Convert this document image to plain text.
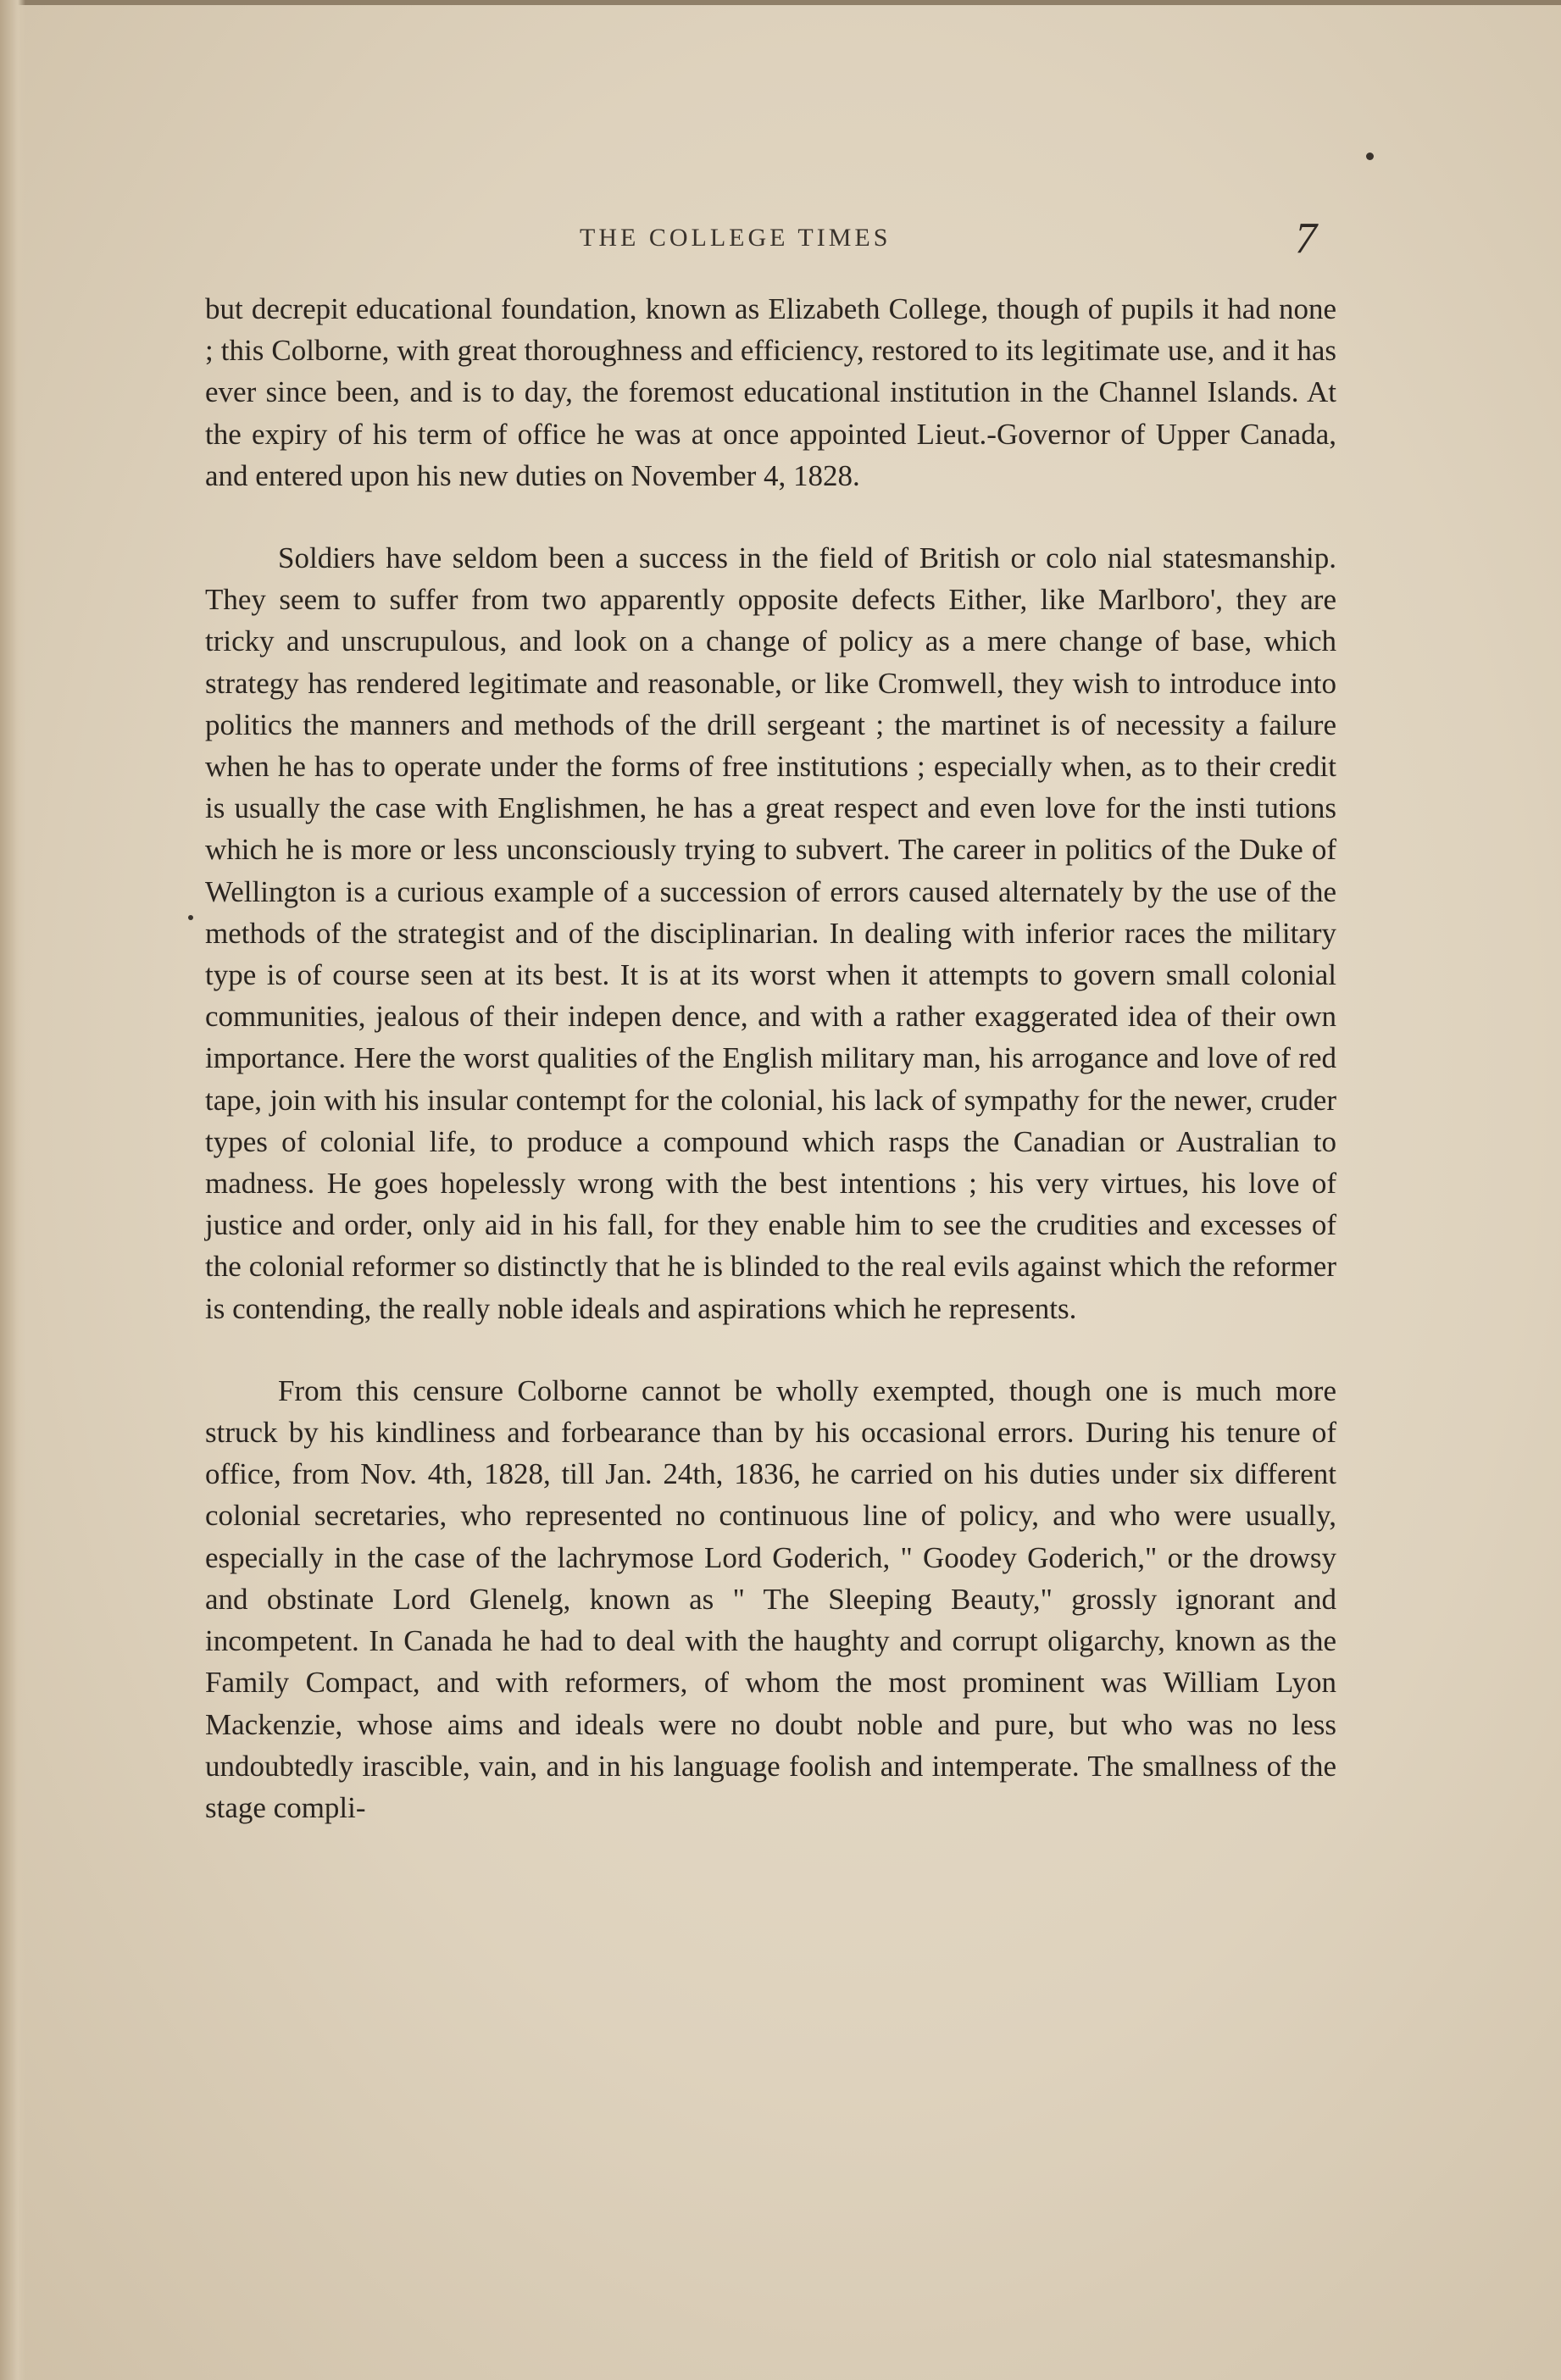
THE COLLEGE TIMES	7

but decrepit educational foundation, known as Elizabeth College, though of pupils it had none ; this Colborne, with great thoroughness and efficiency, restored to its legitimate use, and it has ever since been, and is to day, the foremost educational institution in the Channel Islands. At the expiry of his term of office he was at once appointed Lieut.-Governor of Upper Canada, and entered upon his new duties on November 4, 1828.

Soldiers have seldom been a success in the field of British or colo nial statesmanship. They seem to suffer from two apparently opposite defects Either, like Marlboro', they are tricky and unscrupulous, and look on a change of policy as a mere change of base, which strategy has rendered legitimate and reasonable, or like Cromwell, they wish to introduce into politics the manners and methods of the drill sergeant ; the martinet is of necessity a failure when he has to operate under the forms of free institutions ; especially when, as to their credit is usually the case with Englishmen, he has a great respect and even love for the insti tutions which he is more or less unconsciously trying to subvert. The career in politics of the Duke of Wellington is a curious example of a succession of errors caused alternately by the use of the methods of the strategist and of the disciplinarian. In dealing with inferior races the military type is of course seen at its best. It is at its worst when it attempts to govern small colonial communities, jealous of their indepen dence, and with a rather exaggerated idea of their own importance. Here the worst qualities of the English military man, his arrogance and love of red tape, join with his insular contempt for the colonial, his lack of sympathy for the newer, cruder types of colonial life, to produce a compound which rasps the Canadian or Australian to madness. He goes hopelessly wrong with the best intentions ; his very virtues, his love of justice and order, only aid in his fall, for they enable him to see the crudities and excesses of the colonial reformer so distinctly that he is blinded to the real evils against which the reformer is contending, the really noble ideals and aspirations which he represents.

From this censure Colborne cannot be wholly exempted, though one is much more struck by his kindliness and forbearance than by his occasional errors. During his tenure of office, from Nov. 4th, 1828, till Jan. 24th, 1836, he carried on his duties under six different colonial secretaries, who represented no continuous line of policy, and who were usually, especially in the case of the lachrymose Lord Goderich, " Goodey Goderich," or the drowsy and obstinate Lord Glenelg, known as " The Sleeping Beauty," grossly ignorant and incompetent. In Canada he had to deal with the haughty and corrupt oligarchy, known as the Family Compact, and with reformers, of whom the most prominent was William Lyon Mackenzie, whose aims and ideals were no doubt noble and pure, but who was no less undoubtedly irascible, vain, and in his language foolish and intemperate. The smallness of the stage compli-
